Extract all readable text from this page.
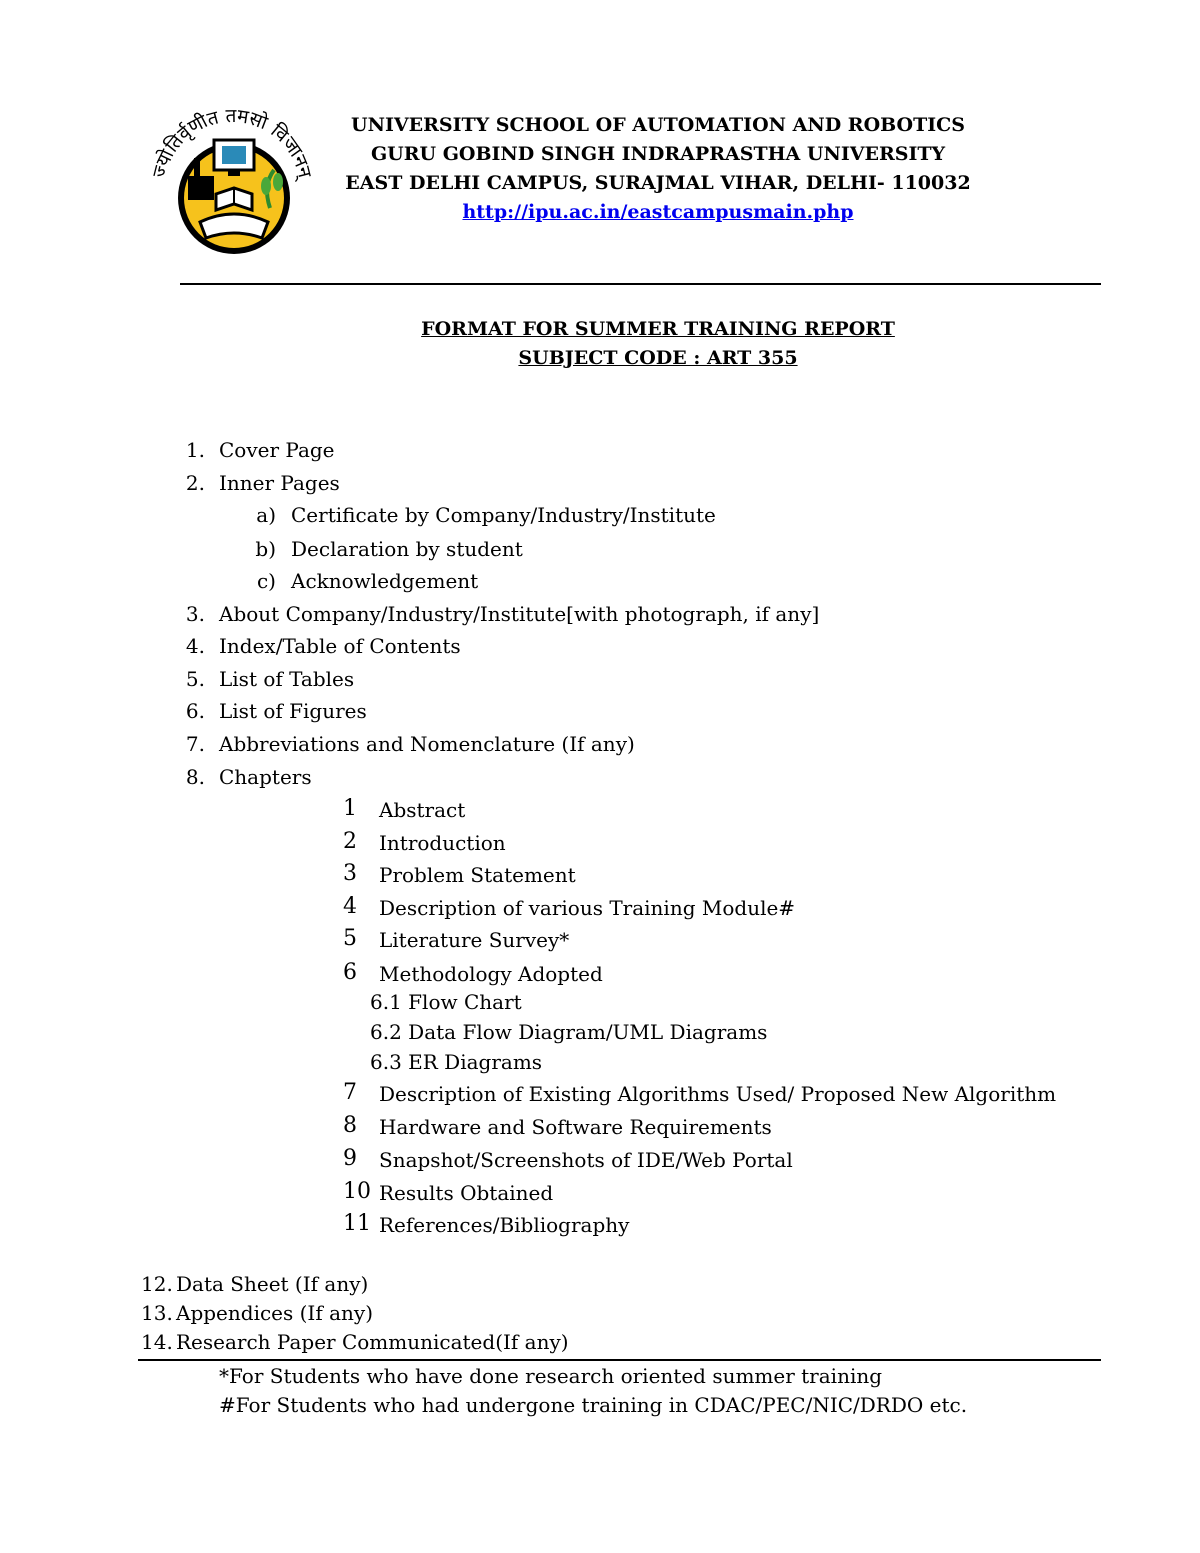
ज्योतिर्वृणीत तमसो विजानन्
UNIVERSITY SCHOOL OF AUTOMATION AND ROBOTICS
GURU GOBIND SINGH INDRAPRASTHA UNIVERSITY
EAST DELHI CAMPUS, SURAJMAL VIHAR, DELHI- 110032
http://ipu.ac.in/eastcampusmain.php
FORMAT FOR SUMMER TRAINING REPORT
SUBJECT CODE : ART 355
1. Cover Page
2. Inner Pages
a) Certificate by Company/Industry/Institute
b) Declaration by student
c) Acknowledgement
3. About Company/Industry/Institute[with photograph, if any]
4. Index/Table of Contents
5. List of Tables
6. List of Figures
7. Abbreviations and Nomenclature (If any)
8. Chapters
1 Abstract
2 Introduction
3 Problem Statement
4 Description of various Training Module#
5 Literature Survey*
6 Methodology Adopted
6.1 Flow Chart
6.2 Data Flow Diagram/UML Diagrams
6.3 ER Diagrams
7 Description of Existing Algorithms Used/ Proposed New Algorithm
8 Hardware and Software Requirements
9 Snapshot/Screenshots of IDE/Web Portal
10 Results Obtained
11 References/Bibliography
12. Data Sheet (If any)
13. Appendices (If any)
14. Research Paper Communicated(If any)
*For Students who have done research oriented summer training
#For Students who had undergone training in CDAC/PEC/NIC/DRDO etc.
